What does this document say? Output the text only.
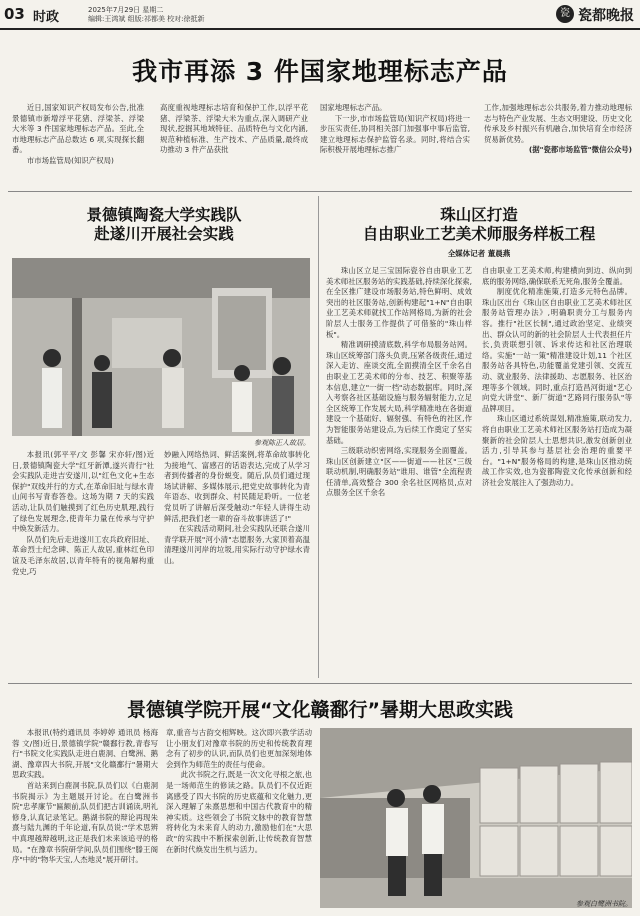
03 时政	2025年7月29日 星期二
编辑:王鸿斌 组版:祁都美 校对:徐抵新	瓷 瓷都晚报
我市再添 3 件国家地理标志产品

近日,国家知识产权局发布公告,批准景德镇市新增浮平花猪、浮梁茶、浮梁大米等 3 件国家地理标志产品。至此,全市地理标志产品总数达 6 项,实现探长翻番。

市市场监管局(知识产权局)

高度重视地理标志培育和保护工作,以浮平花猪、浮梁茶、浮梁大米为重点,深入调研产业现状,挖掘其地域特征、品质特色与文化内涵,规范种植标准、生产技术、产品质量,最终成功推动 3 件产品获批

国家地理标志产品。

下一步,市市场监管局(知识产权局)将进一步压实责任,协同相关部门加强事中事后监管,建立地理标志保护监管名录。同时,将结合实际积极开展地理标志推广

工作,加强地理标志公共服务,着力推动地理标志与特色产业发展、生态文明建设、历史文化传承及乡村振兴有机融合,加快培育全市经济贸易新优势。

(据"瓷都市场监管"微信公众号)

景德镇陶瓷大学实践队
赴遂川开展社会实践
参观陈正人故居。

本报讯(郭平平/文 彭馨 宋亦轩/图)近日,景德镇陶瓷大学"红牙新潭,遂兴青行"社会实践队走进吉安遂川,以"红色文化+生态保护"双线并行的方式,在革命旧址与绿水青山间书写青春答卷。这场为期 7 天的实践活动,让队员们触摸到了红色历史肌理,践行了绿色发展理念,使青年力量在传承与守护中焕发新活力。

队员们先后走进遂川工农兵政府旧址、革命烈士纪念碑、陈正人故居,重林红色印谊及毛泽东故居,以青年特有的视角解构重党史,巧

妙融入网络热词、鲜活案例,将革命故事转化为接地气、富感召的话语表达,完成了从学习者到传播者的身份蜕变。随后,队员们通过现场试讲解、多媒体展示,把党史故事转化为青年语态、收到群众、村民随足聆听。一位老党员听了讲解后深受触动:"年轻人讲得生动鲜活,把我们老一辈的奋斗故事讲活了!"

在实践活动期间,社会实践队还联合遂川青学联开展"河小清"志愿服务,大家顶着高温清理遂川河岸的垃圾,用实际行动守护绿水青山。

珠山区打造
自由职业工艺美术师服务样板工程
全媒体记者 董晨燕

珠山区立足三宝国际瓷谷自由职业工艺美术师社区服务站的实践基础,持续深化探索,在全区推广建设市场服务站,特色鲜明、成效突出的社区服务站,创新构建起"1+N"自由职业工艺美术师就找工作站网格局,为新的社会阶层人士服务工作提供了可借鉴的"珠山样板"。

精准调研摸清底数,科学布局服务站网。珠山区统筹部门落头负责,压紧各级责任,通过深入走访、座谈交流,全面摸清全区千余名自由职业工艺美术师的分布、技艺、积聚等基本信息,建立"一街一档"动态数据库。同时,深入考察各社区基础设施与服务辐射能力,立足全区统筹工作发展大局,科学精准地在各街道建设一个基础好、辐射强、有特色的社区,作为智能服务站建设点,为后续工作奠定了坚实基础。

三级联动织密网络,实现服务全面覆盖。珠山区创新建立"区——街道——社区"三级联动机制,明确服务站"谁用、谁管"全流程责任清单,高效整合 300 余名社区网格员,点对点服务全区千余名

自由职业工艺美术师,构建横向到边、纵向到底的服务网络,确保联系无死角,服务全覆盖。

制度优化精准施策,打造多元特色品牌。珠山区出台《珠山区自由职业工艺美术师社区服务站管理办法》,明确职责分工与服务内容。推行"社区长制",通过政治坚定、业绩突出、群众认可的新的社会阶层人士代表担任片长,负责联想引领、诉求传达和社区治理联络。实施"一站一策"精准建设计划,11 个社区服务站各具特色,功能覆盖党建引领、交流互动、就业服务、法律援助、志愿服务、社区治理等多个领域。同时,重点打造昌河街道"艺心向党大讲堂"、新厂街道"艺路同行服务队"等品牌项目。

珠山区通过系统谋划,精准施策,联动发力,将自由职业工艺美术师社区服务站打造成为凝聚新的社会阶层人士思想共识,激发创新创业活力,引导其参与基层社会治理的重要平台。"1+N"服务格局的构建,是珠山区推动统战工作实效,也为瓷都陶瓷文化传承创新和经济社会发展注入了强劲动力。

景德镇学院开展“文化赣鄱行”暑期大思政实践

本报讯(特约通讯员 李婷婷 通讯员 杨海蓉 文/图)近日,景德镇学院"赣鄱行教,青春写行"书院文化实践队走进白鹿洞、白鹭洲、鹅湖、豫章四大书院,开展"文化赣鄱行"暑期大思政实践。

首站来到白鹿洞书院,队员们以《白鹿洞书院揭示》为主题展开讨论。在白鹭洲书院"忠孝廉节"匾额前,队员们把古训诵读,明礼修身,认真记录笔记。鹅湖书院的辩论再现朱熹与陆九渊的千年论道,有队员说:"学术思辨中真理越辩越明,这正是我们未来该追寻的格局。"在豫章书院研学间,队员们围绕"滕王阁序"中的"物华天宝,人杰地灵"展开研讨。

章,重音与古韵交相辉映。这次即兴教学活动让小朋友们对豫章书院的历史和传统教育理念有了初步的认识,而队员们也更加深刻地体会到作为师范生的责任与使命。

此次书院之行,既是一次文化寻根之旅,也是一场师范生的修读之路。队员们不仅近距离感受了四大书院的历史底蕴和文化魅力,更深入理解了朱熹思想和中国古代教育中的精神实质。这些领会了书院文脉中的教育智慧将转化为未来育人的动力,激励他们在"大思政"的实践中不断探索创新,让传统教育智慧在新时代焕发出生机与活力。

参观白鹭洲书院。
